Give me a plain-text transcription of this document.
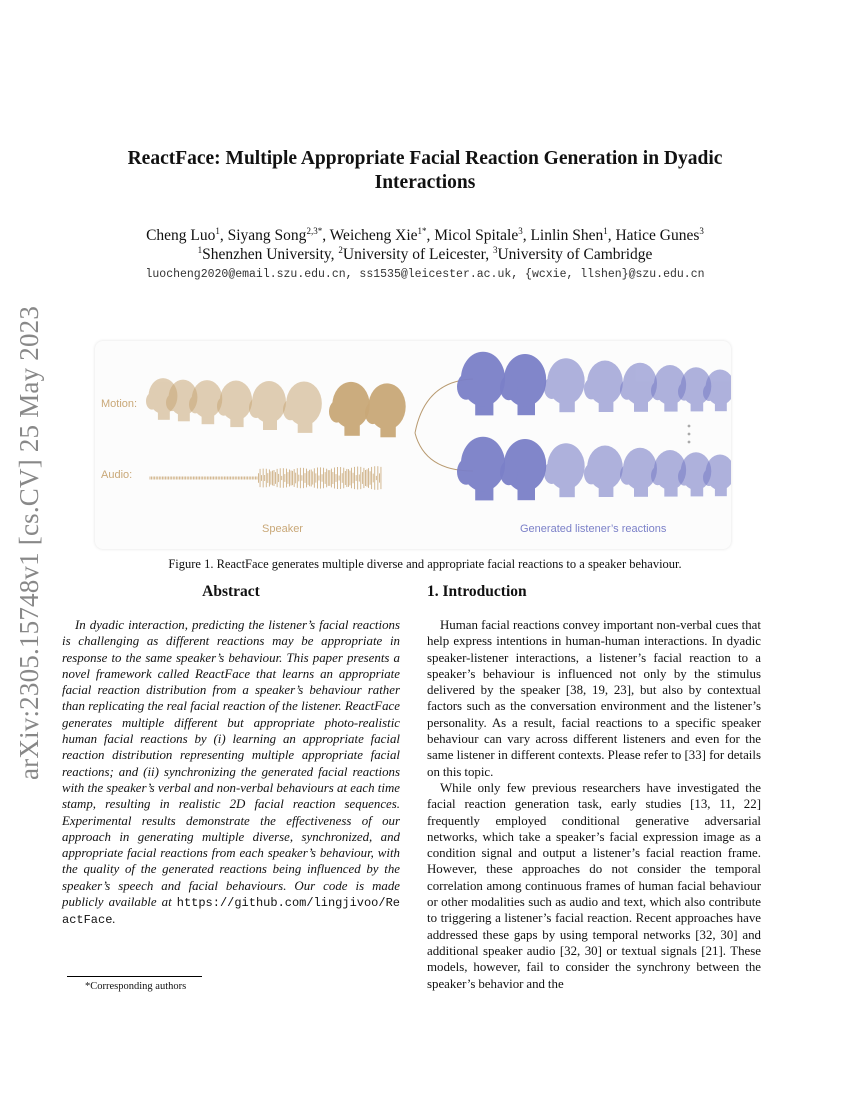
arXiv:2305.15748v1 [cs.CV] 25 May 2023
ReactFace: Multiple Appropriate Facial Reaction Generation in Dyadic Interactions
Cheng Luo$^1$, Siyang Song$^{2,3*}$, Weicheng Xie$^{1*}$, Micol Spitale$^3$, Linlin Shen$^1$, Hatice Gunes$^3$
$^1$Shenzhen University, $^2$University of Leicester, $^3$University of Cambridge
luocheng2020@email.szu.edu.cn, ss1535@leicester.ac.uk, {wcxie, llshen}@szu.edu.cn
Motion:
Audio:
Speaker	Generated listener’s reactions
Figure 1. ReactFace generates multiple diverse and appropriate facial reactions to a speaker behaviour.
Abstract	1. Introduction

In dyadic interaction, predicting the listener’s facial reactions is challenging as different reactions may be appropriate in response to the same speaker’s behaviour. This paper presents a novel framework called ReactFace that learns an appropriate facial reaction distribution from a speaker’s behaviour rather than replicating the real facial reaction of the listener. ReactFace generates multiple different but appropriate photo-realistic human facial reactions by (i) learning an appropriate facial reaction distribution representing multiple appropriate facial reactions; and (ii) synchronizing the generated facial reactions with the speaker’s verbal and non-verbal behaviours at each time stamp, resulting in realistic 2D facial reaction sequences. Experimental results demonstrate the effectiveness of our approach in generating multiple diverse, synchronized, and appropriate facial reactions from each speaker’s behaviour, with the quality of the generated reactions being influenced by the speaker’s speech and facial behaviours. Our code is made publicly available at https://github.com/lingjivoo/ReactFace.

Human facial reactions convey important non-verbal cues that help express intentions in human-human interactions. In dyadic speaker-listener interactions, a listener’s facial reaction to a speaker’s behaviour is influenced not only by the stimulus delivered by the speaker [38, 19, 23], but also by contextual factors such as the conversation environment and the listener’s personality. As a result, facial reactions to a specific speaker behaviour can vary across different listeners and even for the same listener in different contexts. Please refer to [33] for details on this topic.

While only few previous researchers have investigated the facial reaction generation task, early studies [13, 11, 22] frequently employed conditional generative adversarial networks, which take a speaker’s facial expression image as a condition signal and output a listener’s facial reaction frame. However, these approaches do not consider the temporal correlation among continuous frames of human facial behaviour or other modalities such as audio and text, which also contribute to triggering a listener’s facial reaction. Recent approaches have addressed these gaps by using temporal networks [32, 30] and additional speaker audio [32, 30] or textual signals [21]. These models, however, fail to consider the synchrony between the speaker’s behavior and the

*Corresponding authors
